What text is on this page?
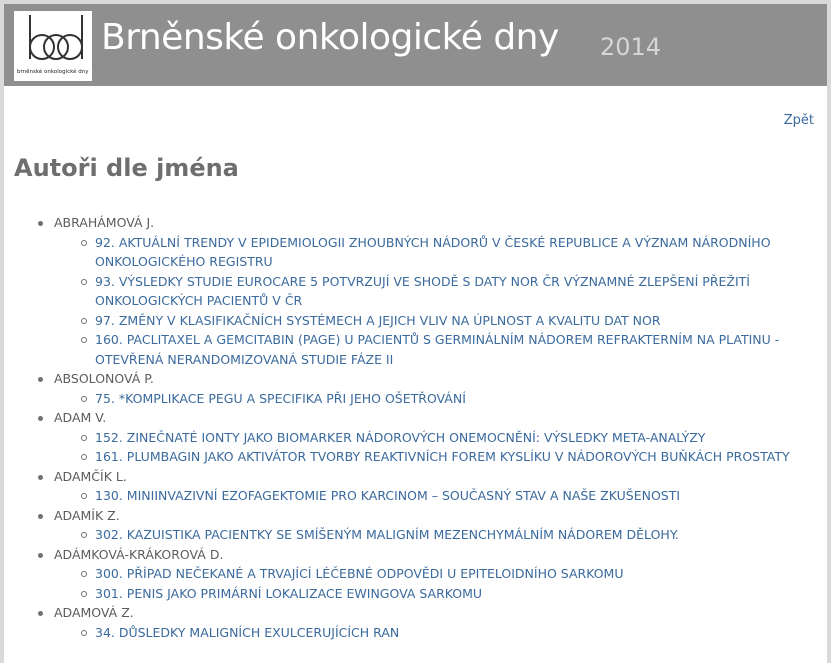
brněnské onkologické dny
Brněnské onkologické dny 2014
Zpět
Autoři dle jména
ABRAHÁMOVÁ J.
92. AKTUÁLNÍ TRENDY V EPIDEMIOLOGII ZHOUBNÝCH NÁDORŮ V ČESKÉ REPUBLICE A VÝZNAM NÁRODNÍHO ONKOLOGICKÉHO REGISTRU
93. VÝSLEDKY STUDIE EUROCARE 5 POTVRZUJÍ VE SHODĚ S DATY NOR ČR VÝZNAMNÉ ZLEPŠENÍ PŘEŽITÍ ONKOLOGICKÝCH PACIENTŮ V ČR
97. ZMĚNY V KLASIFIKAČNÍCH SYSTÉMECH A JEJICH VLIV NA ÚPLNOST A KVALITU DAT NOR
160. PACLITAXEL A GEMCITABIN (PAGE) U PACIENTŮ S GERMINÁLNÍM NÁDOREM REFRAKTERNÍM NA PLATINU - OTEVŘENÁ NERANDOMIZOVANÁ STUDIE FÁZE II
ABSOLONOVÁ P.
75. *KOMPLIKACE PEGU A SPECIFIKA PŘI JEHO OŠETŘOVÁNÍ
ADAM V.
152. ZINEČNATÉ IONTY JAKO BIOMARKER NÁDOROVÝCH ONEMOCNĚNÍ: VÝSLEDKY META-ANALÝZY
161. PLUMBAGIN JAKO AKTIVÁTOR TVORBY REAKTIVNÍCH FOREM KYSLÍKU V NÁDOROVÝCH BUŇKÁCH PROSTATY
ADAMČÍK L.
130. MINIINVAZIVNÍ EZOFAGEKTOMIE PRO KARCINOM – SOUČASNÝ STAV A NAŠE ZKUŠENOSTI
ADAMÍK Z.
302. KAZUISTIKA PACIENTKY SE SMÍŠENÝM MALIGNÍM MEZENCHYMÁLNÍM NÁDOREM DĚLOHY.
ADÁMKOVÁ-KRÁKOROVÁ D.
300. PŘÍPAD NEČEKANÉ A TRVAJÍCÍ LÉČEBNÉ ODPOVĚDI U EPITELOIDNÍHO SARKOMU
301. PENIS JAKO PRIMÁRNÍ LOKALIZACE EWINGOVA SARKOMU
ADAMOVÁ Z.
34. DŮSLEDKY MALIGNÍCH EXULCERUJÍCÍCH RAN
